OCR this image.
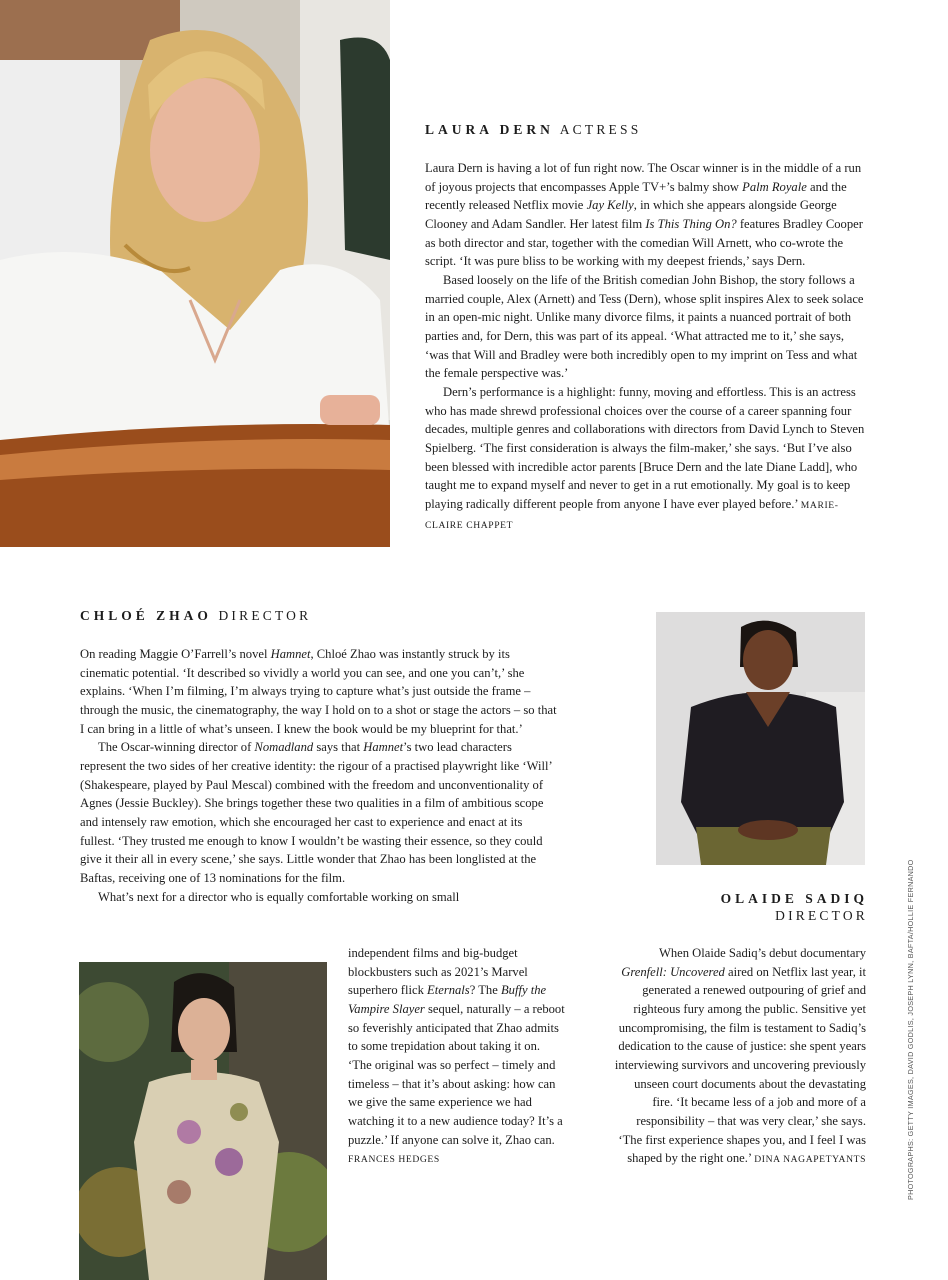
LAURA DERN ACTRESS

Laura Dern is having a lot of fun right now. The Oscar winner is in the middle of a run of joyous projects that encompasses Apple TV+’s balmy show Palm Royale and the recently released Netflix movie Jay Kelly, in which she appears alongside George Clooney and Adam Sandler. Her latest film Is This Thing On? features Bradley Cooper as both director and star, together with the comedian Will Arnett, who co-wrote the script. ‘It was pure bliss to be working with my deepest friends,’ says Dern.

Based loosely on the life of the British comedian John Bishop, the story follows a married couple, Alex (Arnett) and Tess (Dern), whose split inspires Alex to seek solace in an open-mic night. Unlike many divorce films, it paints a nuanced portrait of both parties and, for Dern, this was part of its appeal. ‘What attracted me to it,’ she says, ‘was that Will and Bradley were both incredibly open to my imprint on Tess and what the female perspective was.’

Dern’s performance is a highlight: funny, moving and effortless. This is an actress who has made shrewd professional choices over the course of a career spanning four decades, multiple genres and collaborations with directors from David Lynch to Steven Spielberg. ‘The first consideration is always the film-maker,’ she says. ‘But I’ve also been blessed with incredible actor parents [Bruce Dern and the late Diane Ladd], who taught me to expand myself and never to get in a rut emotionally. My goal is to keep playing radically different people from anyone I have ever played before.’ MARIE-CLAIRE CHAPPET

CHLOÉ ZHAO DIRECTOR

On reading Maggie O’Farrell’s novel Hamnet, Chloé Zhao was instantly struck by its cinematic potential. ‘It described so vividly a world you can see, and one you can’t,’ she explains. ‘When I’m filming, I’m always trying to capture what’s just outside the frame – through the music, the cinematography, the way I hold on to a shot or stage the actors – so that I can bring in a little of what’s unseen. I knew the book would be my blueprint for that.’

The Oscar-winning director of Nomadland says that Hamnet’s two lead characters represent the two sides of her creative identity: the rigour of a practised playwright like ‘Will’ (Shakespeare, played by Paul Mescal) combined with the freedom and unconventionality of Agnes (Jessie Buckley). She brings together these two qualities in a film of ambitious scope and intensely raw emotion, which she encouraged her cast to experience and enact at its fullest. ‘They trusted me enough to know I wouldn’t be wasting their essence, so they could give it their all in every scene,’ she says. Little wonder that Zhao has been longlisted at the Baftas, receiving one of 13 nominations for the film.

What’s next for a director who is equally comfortable working on small

independent films and big-budget blockbusters such as 2021’s Marvel superhero flick Eternals? The Buffy the Vampire Slayer sequel, naturally – a reboot so feverishly anticipated that Zhao admits to some trepidation about taking it on. ‘The original was so perfect – timely and timeless – that it’s about asking: how can we give the same experience we had watching it to a new audience today? It’s a puzzle.’ If anyone can solve it, Zhao can. FRANCES HEDGES

OLAIDE SADIQ
DIRECTOR

When Olaide Sadiq’s debut documentary Grenfell: Uncovered aired on Netflix last year, it generated a renewed outpouring of grief and righteous fury among the public. Sensitive yet uncompromising, the film is testament to Sadiq’s dedication to the cause of justice: she spent years interviewing survivors and uncovering previously unseen court documents about the devastating fire. ‘It became less of a job and more of a responsibility – that was very clear,’ she says. ‘The first experience shapes you, and I feel I was shaped by the right one.’ DINA NAGAPETYANTS	PHOTOGRAPHS: GETTY IMAGES, DAVID GODLIS, JOSEPH LYNN, BAFTA/HOLLIE FERNANDO
